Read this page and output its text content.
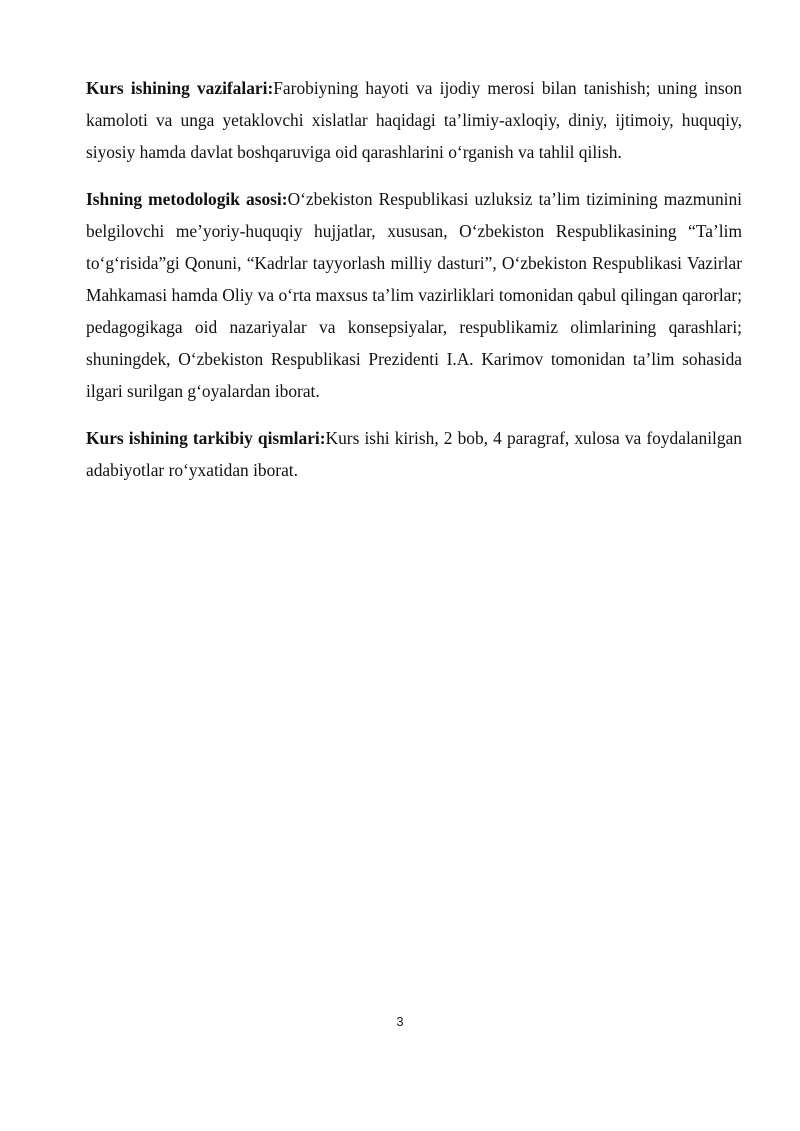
Kurs ishining vazifalari:Farobiyning hayoti va ijodiy merosi bilan tanishish; uning inson kamoloti va unga yetaklovchi xislatlar haqidagi ta’limiy-axloqiy, diniy, ijtimoiy, huquqiy, siyosiy hamda davlat boshqaruviga oid qarashlarini o‘rganish va tahlil qilish.

Ishning metodologik asosi:O‘zbekiston Respublikasi uzluksiz ta’lim tizimining mazmunini belgilovchi me’yoriy-huquqiy hujjatlar, xususan, O‘zbekiston Respublikasining “Ta’lim to‘g‘risida”gi Qonuni, “Kadrlar tayyorlash milliy dasturi”, O‘zbekiston Respublikasi Vazirlar Mahkamasi hamda Oliy va o‘rta maxsus ta’lim vazirliklari tomonidan qabul qilingan qarorlar; pedagogikaga oid nazariyalar va konsepsiyalar, respublikamiz olimlarining qarashlari; shuningdek, O‘zbekiston Respublikasi Prezidenti I.A. Karimov tomonidan ta’lim sohasida ilgari surilgan g‘oyalardan iborat.

Kurs ishining tarkibiy qismlari:Kurs ishi kirish, 2 bob, 4 paragraf, xulosa va foydalanilgan adabiyotlar ro‘yxatidan iborat.

3
